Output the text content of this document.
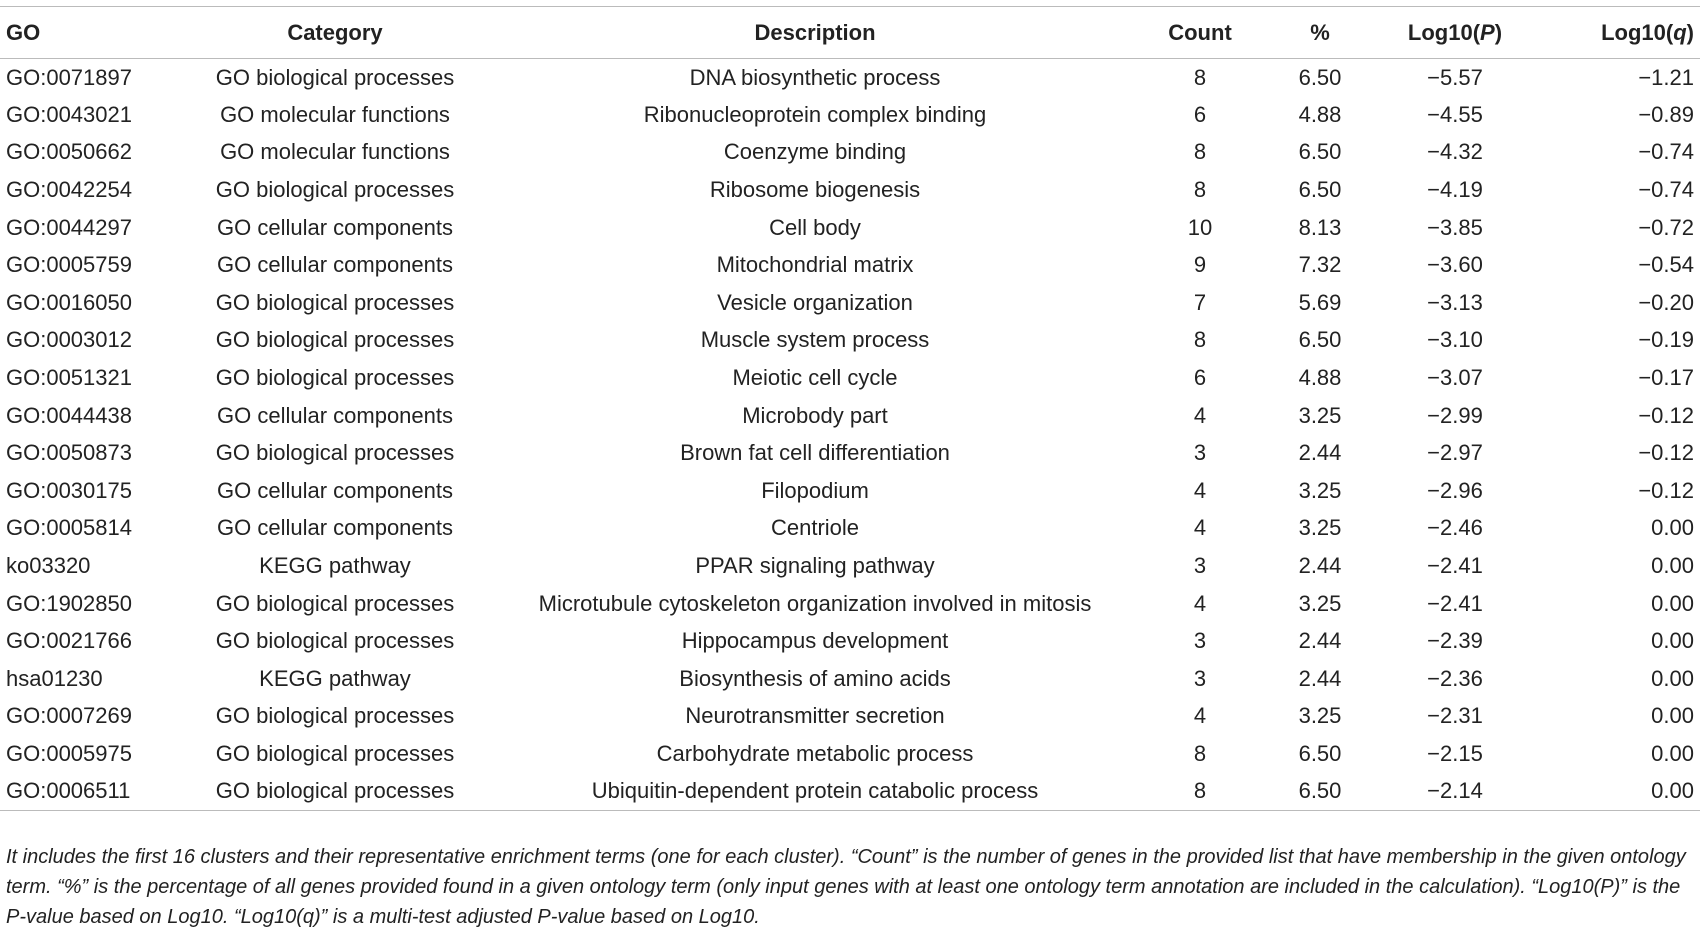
GO	Category	Description	Count	%	Log10(P)	Log10(q)
GO:0071897	GO biological processes	DNA biosynthetic process	8	6.50	−5.57	−1.21
GO:0043021	GO molecular functions	Ribonucleoprotein complex binding	6	4.88	−4.55	−0.89
GO:0050662	GO molecular functions	Coenzyme binding	8	6.50	−4.32	−0.74
GO:0042254	GO biological processes	Ribosome biogenesis	8	6.50	−4.19	−0.74
GO:0044297	GO cellular components	Cell body	10	8.13	−3.85	−0.72
GO:0005759	GO cellular components	Mitochondrial matrix	9	7.32	−3.60	−0.54
GO:0016050	GO biological processes	Vesicle organization	7	5.69	−3.13	−0.20
GO:0003012	GO biological processes	Muscle system process	8	6.50	−3.10	−0.19
GO:0051321	GO biological processes	Meiotic cell cycle	6	4.88	−3.07	−0.17
GO:0044438	GO cellular components	Microbody part	4	3.25	−2.99	−0.12
GO:0050873	GO biological processes	Brown fat cell differentiation	3	2.44	−2.97	−0.12
GO:0030175	GO cellular components	Filopodium	4	3.25	−2.96	−0.12
GO:0005814	GO cellular components	Centriole	4	3.25	−2.46	0.00
ko03320	KEGG pathway	PPAR signaling pathway	3	2.44	−2.41	0.00
GO:1902850	GO biological processes	Microtubule cytoskeleton organization involved in mitosis	4	3.25	−2.41	0.00
GO:0021766	GO biological processes	Hippocampus development	3	2.44	−2.39	0.00
hsa01230	KEGG pathway	Biosynthesis of amino acids	3	2.44	−2.36	0.00
GO:0007269	GO biological processes	Neurotransmitter secretion	4	3.25	−2.31	0.00
GO:0005975	GO biological processes	Carbohydrate metabolic process	8	6.50	−2.15	0.00
GO:0006511	GO biological processes	Ubiquitin-dependent protein catabolic process	8	6.50	−2.14	0.00
It includes the first 16 clusters and their representative enrichment terms (one for each cluster). “Count” is the number of genes in the provided list that have membership in the given ontology term. “%” is the percentage of all genes provided found in a given ontology term (only input genes with at least one ontology term annotation are included in the calculation). “Log10(P)” is the P-value based on Log10. “Log10(q)” is a multi-test adjusted P-value based on Log10.
